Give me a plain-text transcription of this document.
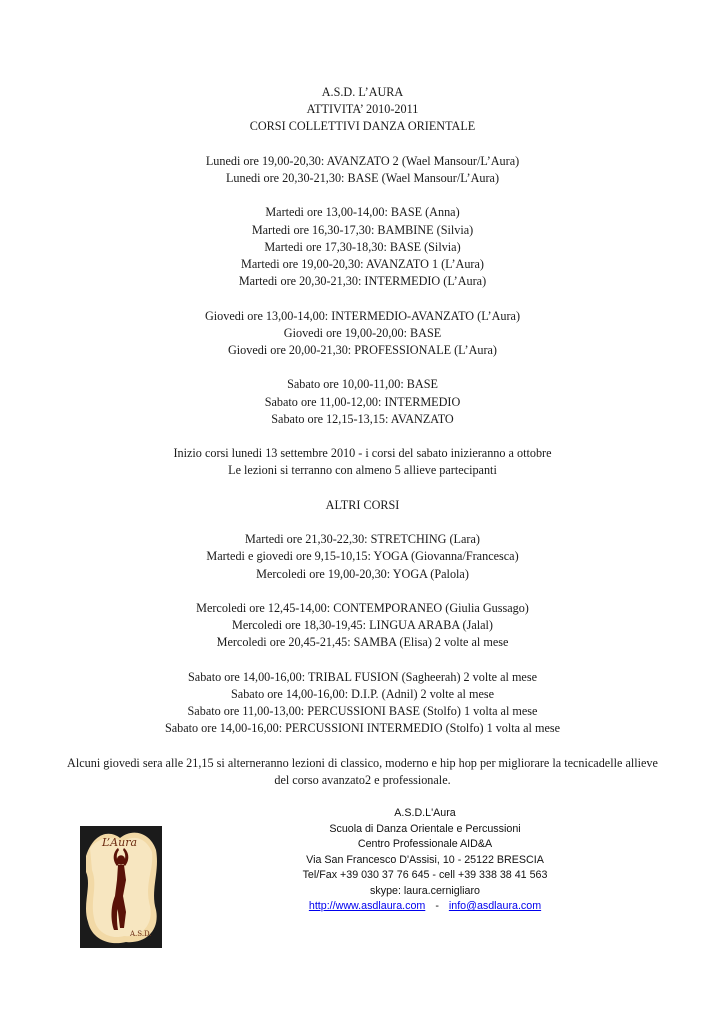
A.S.D. L’AURA
ATTIVITA’ 2010-2011
CORSI COLLETTIVI DANZA ORIENTALE
Lunedi ore 19,00-20,30: AVANZATO 2 (Wael Mansour/L’Aura)
Lunedi ore 20,30-21,30: BASE (Wael Mansour/L’Aura)
Martedi ore 13,00-14,00: BASE (Anna)
Martedi ore 16,30-17,30: BAMBINE (Silvia)
Martedi ore 17,30-18,30: BASE (Silvia)
Martedi ore 19,00-20,30: AVANZATO 1 (L’Aura)
Martedi ore 20,30-21,30: INTERMEDIO (L’Aura)
Giovedi ore 13,00-14,00: INTERMEDIO-AVANZATO (L’Aura)
Giovedi ore 19,00-20,00: BASE
Giovedi ore 20,00-21,30: PROFESSIONALE (L’Aura)
Sabato ore 10,00-11,00: BASE
Sabato ore 11,00-12,00: INTERMEDIO
Sabato ore 12,15-13,15: AVANZATO
Inizio corsi lunedi 13 settembre 2010 - i corsi del sabato inizieranno a ottobre
Le lezioni si terranno con almeno 5 allieve partecipanti
ALTRI CORSI
Martedi ore 21,30-22,30: STRETCHING (Lara)
Martedi e giovedi ore 9,15-10,15: YOGA (Giovanna/Francesca)
Mercoledi ore 19,00-20,30: YOGA (Palola)
Mercoledi ore 12,45-14,00: CONTEMPORANEO (Giulia Gussago)
Mercoledi ore 18,30-19,45: LINGUA ARABA (Jalal)
Mercoledi ore 20,45-21,45: SAMBA (Elisa) 2 volte al mese
Sabato ore 14,00-16,00: TRIBAL FUSION (Sagheerah) 2 volte al mese
Sabato ore 14,00-16,00: D.I.P. (Adnil) 2 volte al mese
Sabato ore 11,00-13,00: PERCUSSIONI BASE (Stolfo) 1 volta al mese
Sabato ore 14,00-16,00: PERCUSSIONI INTERMEDIO (Stolfo) 1 volta al mese
Alcuni giovedi sera alle 21,15 si alterneranno lezioni di classico, moderno e hip hop per migliorare la tecnicadelle allieve del corso avanzato2 e professionale.
L’Aura
A.S.D.
A.S.D.L'Aura
Scuola di Danza Orientale e Percussioni
Centro Professionale AID&A
Via San Francesco D'Assisi, 10 - 25122 BRESCIA
Tel/Fax +39 030 37 76 645 - cell +39 338 38 41 563
skype: laura.cernigliaro
http://www.asdlaura.com - info@asdlaura.com
